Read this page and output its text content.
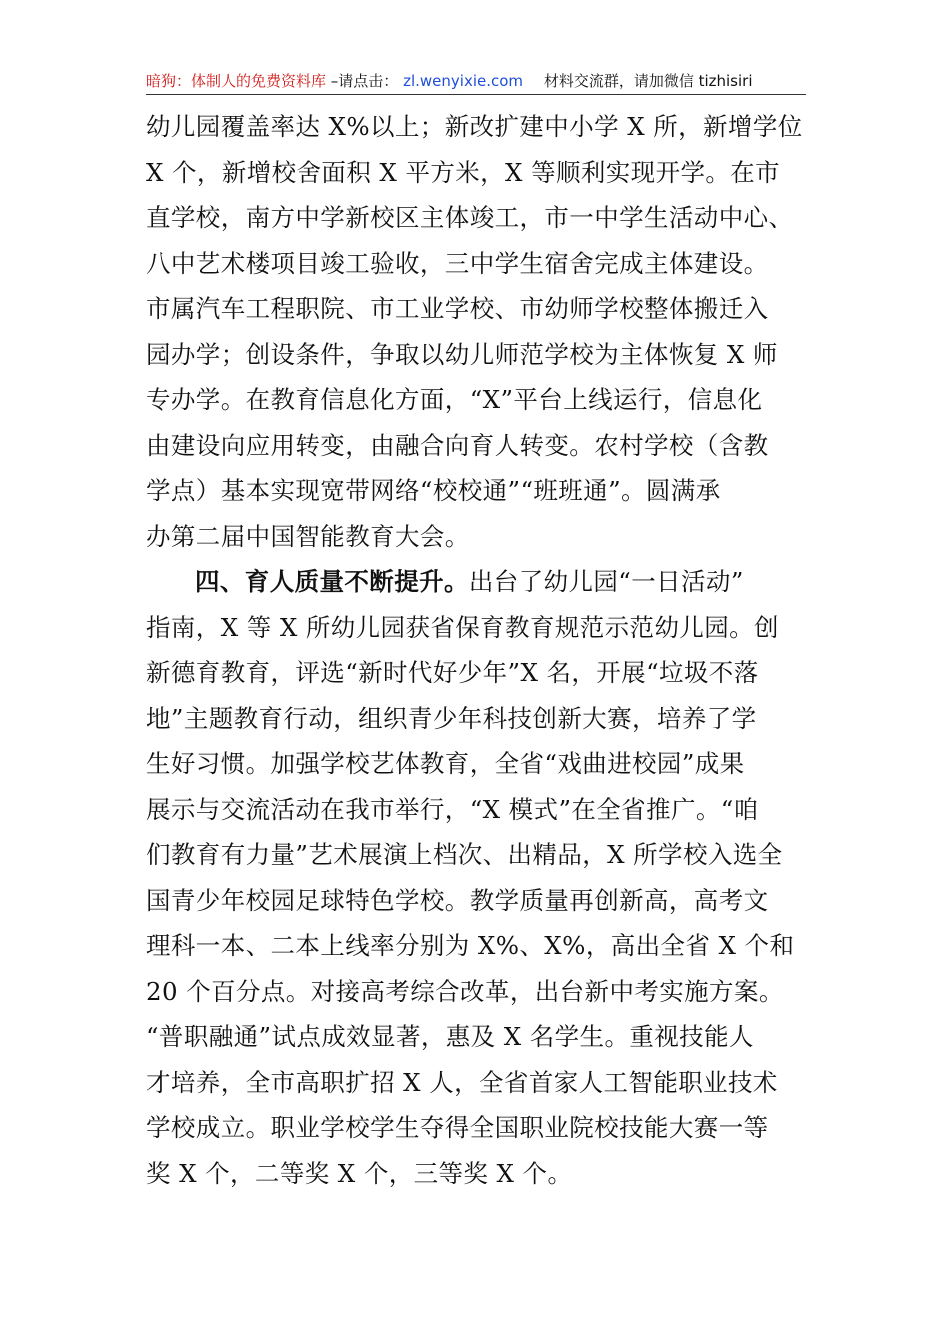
暗狗：体制人的免费资料库 –请点击： zl.wenyixie.com 材料交流群，请加微信 tizhisiri
幼儿园覆盖率达 X%以上；新改扩建中小学 X 所，新增学位
X 个，新增校舍面积 X 平方米，X 等顺利实现开学。在市
直学校，南方中学新校区主体竣工，市一中学生活动中心、
八中艺术楼项目竣工验收，三中学生宿舍完成主体建设。
市属汽车工程职院、市工业学校、市幼师学校整体搬迁入
园办学；创设条件，争取以幼儿师范学校为主体恢复 X 师
专办学。在教育信息化方面，“X”平台上线运行，信息化
由建设向应用转变，由融合向育人转变。农村学校（含教
学点）基本实现宽带网络“校校通”“班班通”。圆满承
办第二届中国智能教育大会。
四、育人质量不断提升。出台了幼儿园“一日活动”
指南，X 等 X 所幼儿园获省保育教育规范示范幼儿园。创
新德育教育，评选“新时代好少年”X 名，开展“垃圾不落
地”主题教育行动，组织青少年科技创新大赛，培养了学
生好习惯。加强学校艺体教育，全省“戏曲进校园”成果
展示与交流活动在我市举行，“X 模式”在全省推广。“咱
们教育有力量”艺术展演上档次、出精品，X 所学校入选全
国青少年校园足球特色学校。教学质量再创新高，高考文
理科一本、二本上线率分别为 X%、X%，高出全省 X 个和
20 个百分点。对接高考综合改革，出台新中考实施方案。
“普职融通”试点成效显著，惠及 X 名学生。重视技能人
才培养，全市高职扩招 X 人，全省首家人工智能职业技术
学校成立。职业学校学生夺得全国职业院校技能大赛一等
奖 X 个，二等奖 X 个，三等奖 X 个。
